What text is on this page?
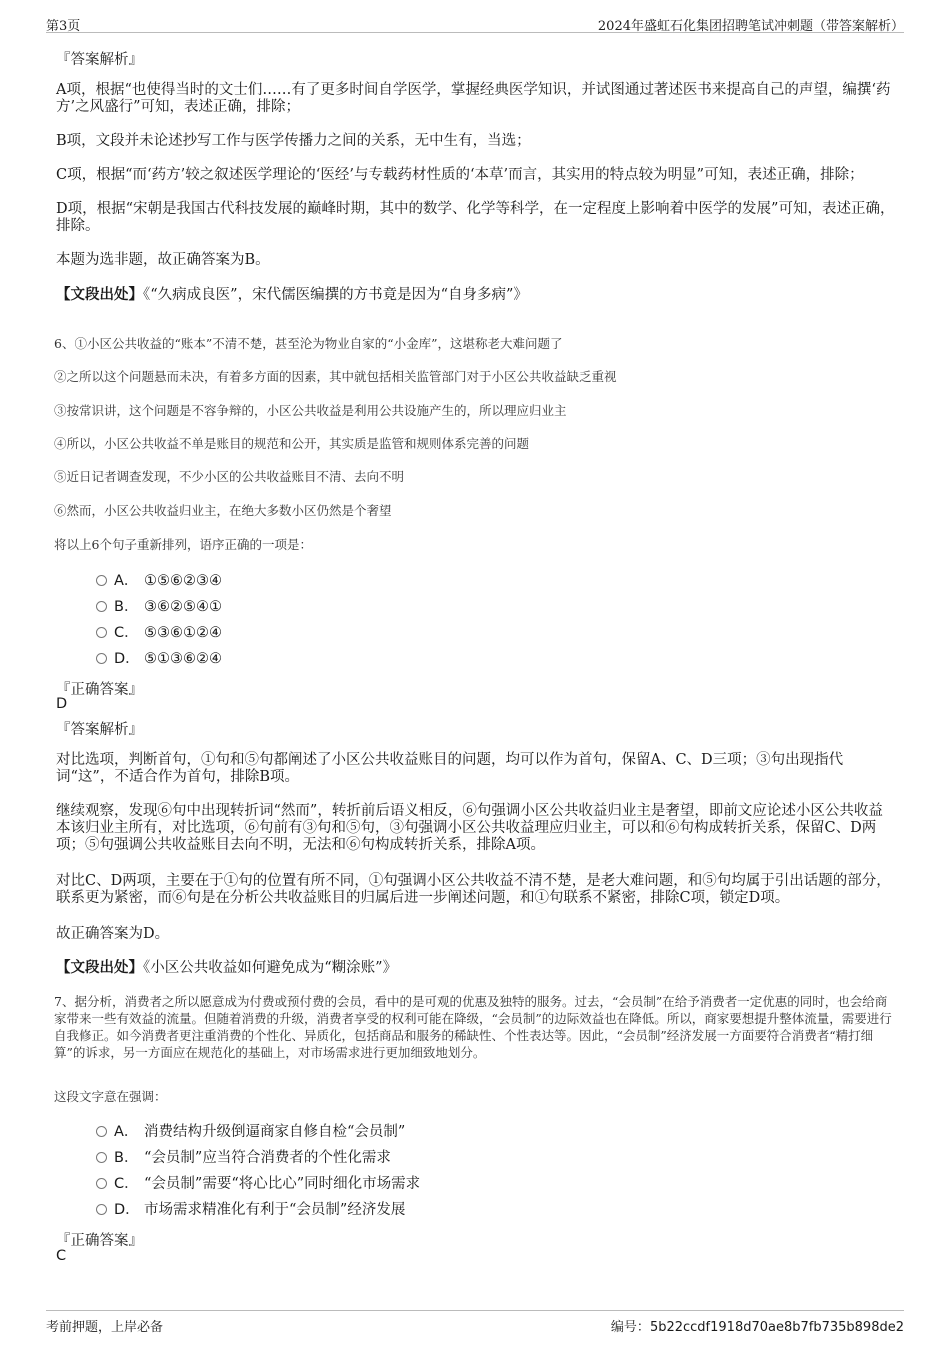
第3页	2024年盛虹石化集团招聘笔试冲刺题（带答案解析）
『答案解析』
A项，根据“也使得当时的文士们……有了更多时间自学医学，掌握经典医学知识，并试图通过著述医书来提高自己的声望，编撰‘药方’之风盛行”可知，表述正确，排除；
B项，文段并未论述抄写工作与医学传播力之间的关系，无中生有，当选；
C项，根据“而‘药方’较之叙述医学理论的‘医经’与专载药材性质的‘本草’而言，其实用的特点较为明显”可知，表述正确，排除；
D项，根据“宋朝是我国古代科技发展的巅峰时期，其中的数学、化学等科学，在一定程度上影响着中医学的发展”可知，表述正确，排除。
本题为选非题，故正确答案为B。
【文段出处】《“久病成良医”，宋代儒医编撰的方书竟是因为“自身多病”》
6、①小区公共收益的“账本”不清不楚，甚至沦为物业自家的“小金库”，这堪称老大难问题了
②之所以这个问题悬而未决，有着多方面的因素，其中就包括相关监管部门对于小区公共收益缺乏重视
③按常识讲，这个问题是不容争辩的，小区公共收益是利用公共设施产生的，所以理应归业主
④所以，小区公共收益不单是账目的规范和公开，其实质是监管和规则体系完善的问题
⑤近日记者调查发现，不少小区的公共收益账目不清、去向不明
⑥然而，小区公共收益归业主，在绝大多数小区仍然是个奢望
将以上6个句子重新排列，语序正确的一项是：
A． ①⑤⑥②③④
B． ③⑥②⑤④①
C． ⑤③⑥①②④
D． ⑤①③⑥②④
『正确答案』
D
『答案解析』
对比选项，判断首句，①句和⑤句都阐述了小区公共收益账目的问题，均可以作为首句，保留A、C、D三项；③句出现指代词“这”，不适合作为首句，排除B项。
继续观察，发现⑥句中出现转折词“然而”，转折前后语义相反，⑥句强调小区公共收益归业主是奢望，即前文应论述小区公共收益本该归业主所有，对比选项，⑥句前有③句和⑤句，③句强调小区公共收益理应归业主，可以和⑥句构成转折关系，保留C、D两项；⑤句强调公共收益账目去向不明，无法和⑥句构成转折关系，排除A项。
对比C、D两项，主要在于①句的位置有所不同，①句强调小区公共收益不清不楚，是老大难问题，和⑤句均属于引出话题的部分，联系更为紧密，而⑥句是在分析公共收益账目的归属后进一步阐述问题，和①句联系不紧密，排除C项，锁定D项。
故正确答案为D。
【文段出处】《小区公共收益如何避免成为“糊涂账”》
7、据分析，消费者之所以愿意成为付费或预付费的会员，看中的是可观的优惠及独特的服务。过去，“会员制”在给予消费者一定优惠的同时，也会给商家带来一些有效益的流量。但随着消费的升级，消费者享受的权利可能在降级，“会员制”的边际效益也在降低。所以，商家要想提升整体流量，需要进行自我修正。如今消费者更注重消费的个性化、异质化，包括商品和服务的稀缺性、个性表达等。因此，“会员制”经济发展一方面要符合消费者“精打细算”的诉求，另一方面应在规范化的基础上，对市场需求进行更加细致地划分。
这段文字意在强调：
A． 消费结构升级倒逼商家自修自检“会员制”
B． “会员制”应当符合消费者的个性化需求
C． “会员制”需要“将心比心”同时细化市场需求
D． 市场需求精准化有利于“会员制”经济发展
『正确答案』
C
考前押题，上岸必备	编号：5b22ccdf1918d70ae8b7fb735b898de2
